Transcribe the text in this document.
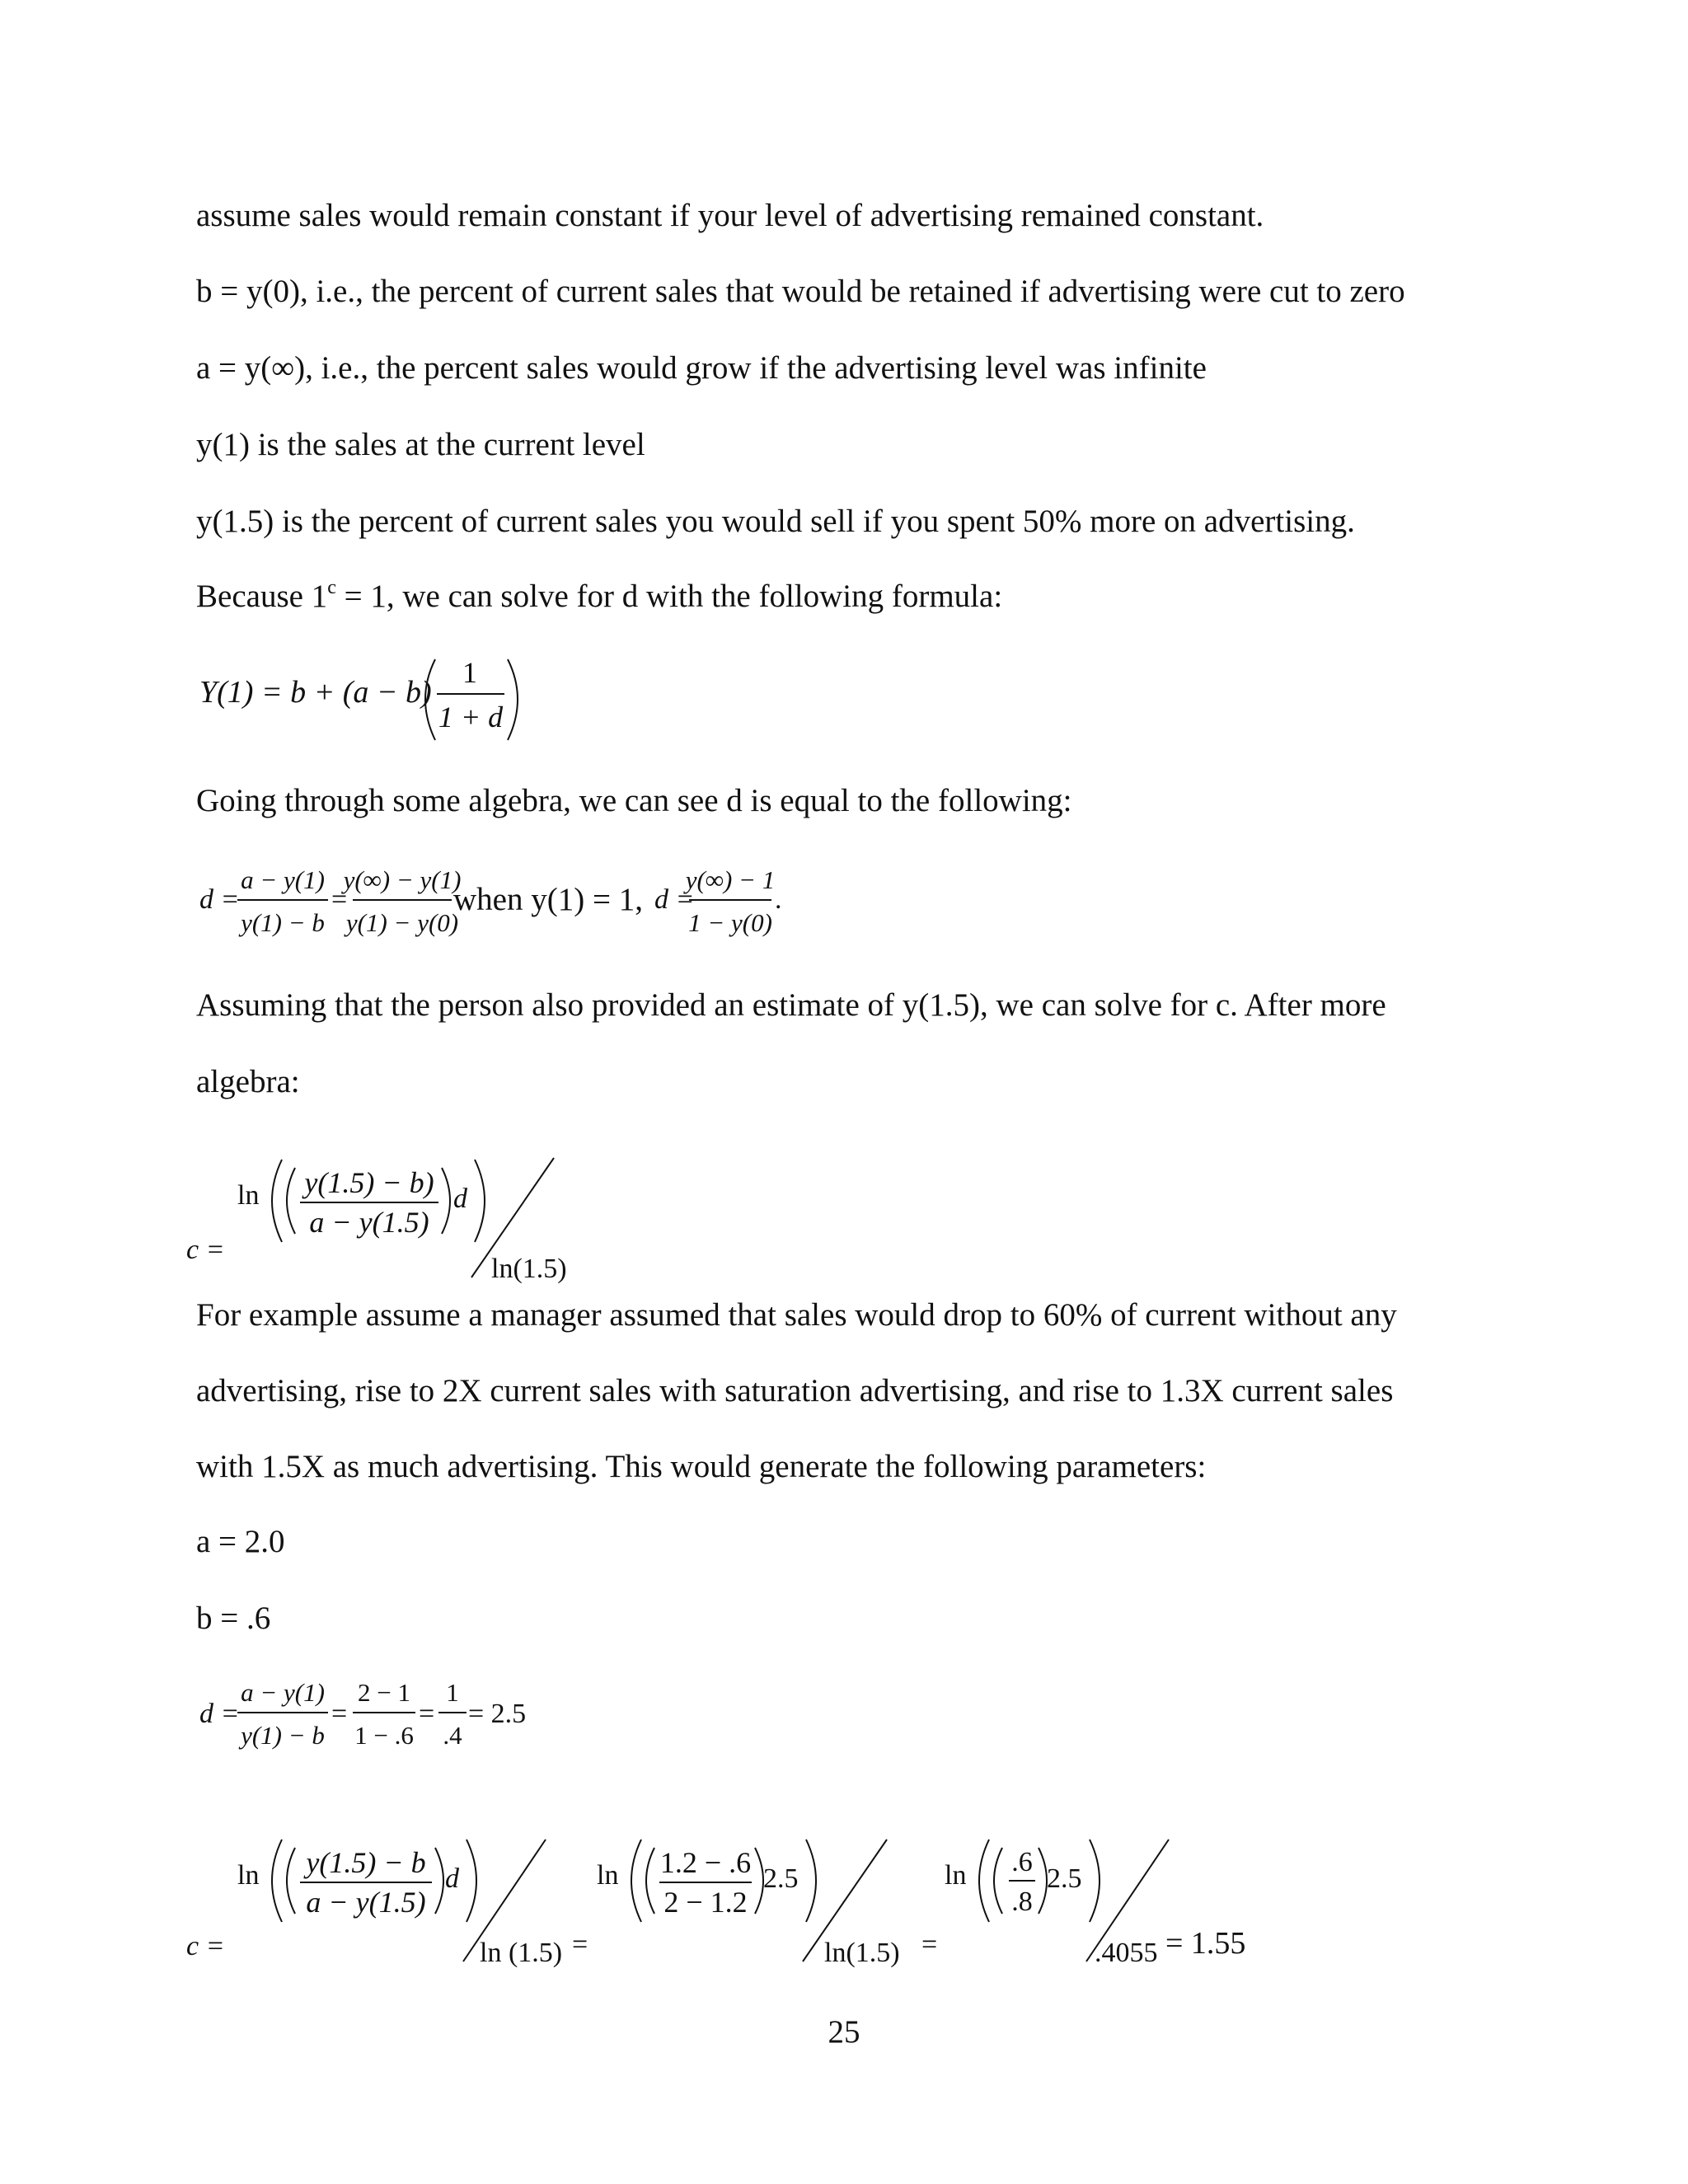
assume sales would remain constant if your level of advertising remained constant.
b = y(0), i.e., the percent of current sales that would be retained if advertising were cut to zero
a = y(∞), i.e., the percent sales would grow if the advertising level was infinite
y(1) is the sales at the current level
y(1.5) is the percent of current sales you would sell if you spent 50% more on advertising.
Because $1^c = 1$, we can solve for d with the following formula:
Y(1) = b + (a − b)
1
1 + d
Going through some algebra, we can see d is equal to the following:
d =
a − y(1)
y(1) − b
=
y(∞) − y(1)
y(1) − y(0)
when y(1) = 1, d =
y(∞) − 1
1 − y(0)
.
Assuming that the person also provided an estimate of y(1.5), we can solve for c. After more
algebra:
c =
ln y(1.5) − b)
a − y(1.5)
d
ln(1.5)
For example assume a manager assumed that sales would drop to 60% of current without any
advertising, rise to 2X current sales with saturation advertising, and rise to 1.3X current sales
with 1.5X as much advertising. This would generate the following parameters:
a = 2.0
b = .6
d =
a − y(1)
y(1) − b
=
2 − 1
1 − .6
=
1
.4
= 2.5
c =
ln y(1.5) − b
a − y(1.5)
d
ln (1.5) =
ln 1.2 − .6
2 − 1.2
2.5
ln(1.5) =
ln .6
.8
2.5
.4055 = 1.55
25
